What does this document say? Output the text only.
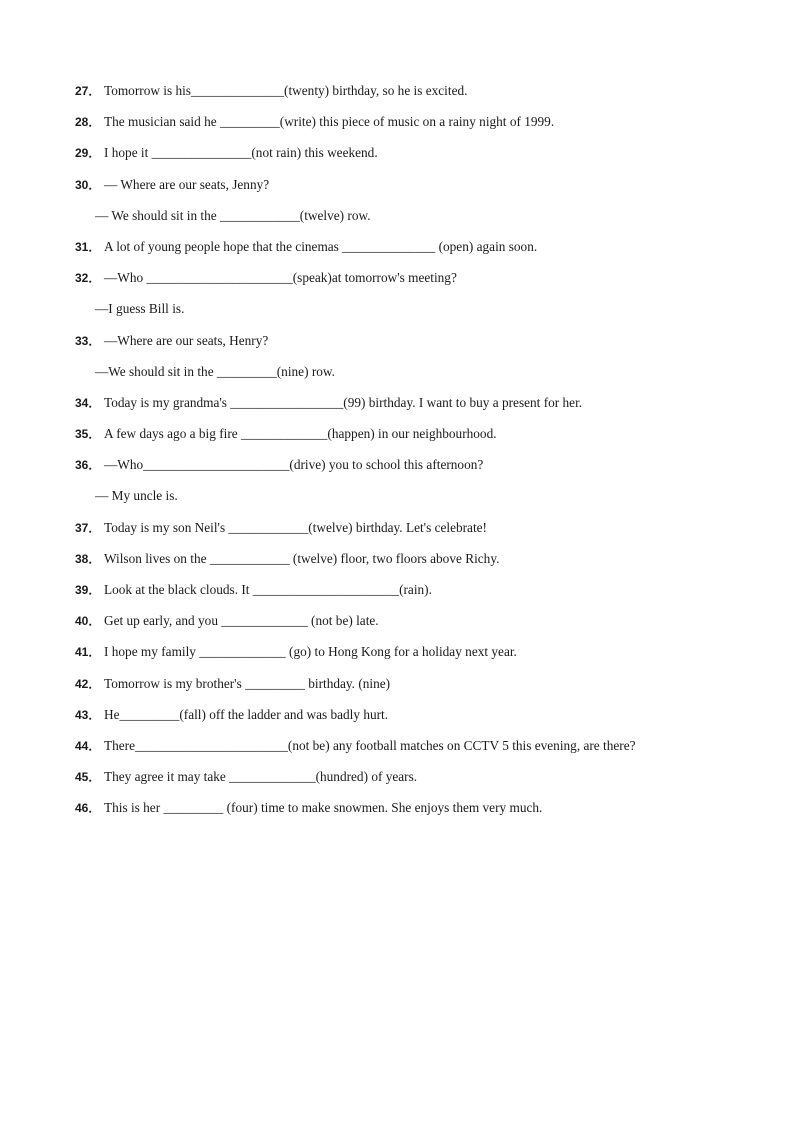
27． Tomorrow is his______________(twenty) birthday, so he is excited.
28． The musician said he _________(write) this piece of music on a rainy night of 1999.
29． I hope it _______________(not rain) this weekend.
30． — Where are our seats, Jenny?
— We should sit in the ____________(twelve) row.
31． A lot of young people hope that the cinemas ______________ (open) again soon.
32． —Who ______________________(speak)at tomorrow's meeting?
—I guess Bill is.
33． —Where are our seats, Henry?
—We should sit in the _________(nine) row.
34． Today is my grandma's _________________(99) birthday. I want to buy a present for her.
35． A few days ago a big fire _____________(happen) in our neighbourhood.
36． —Who______________________(drive) you to school this afternoon?
— My uncle is.
37． Today is my son Neil's ____________(twelve) birthday. Let's celebrate!
38． Wilson lives on the ____________ (twelve) floor, two floors above Richy.
39． Look at the black clouds. It ______________________(rain).
40． Get up early, and you _____________ (not be) late.
41． I hope my family _____________ (go) to Hong Kong for a holiday next year.
42． Tomorrow is my brother's _________ birthday. (nine)
43． He_________(fall) off the ladder and was badly hurt.
44． There_______________________(not be) any football matches on CCTV 5 this evening, are there?
45． They agree it may take _____________(hundred) of years.
46． This is her _________ (four) time to make snowmen. She enjoys them very much.
